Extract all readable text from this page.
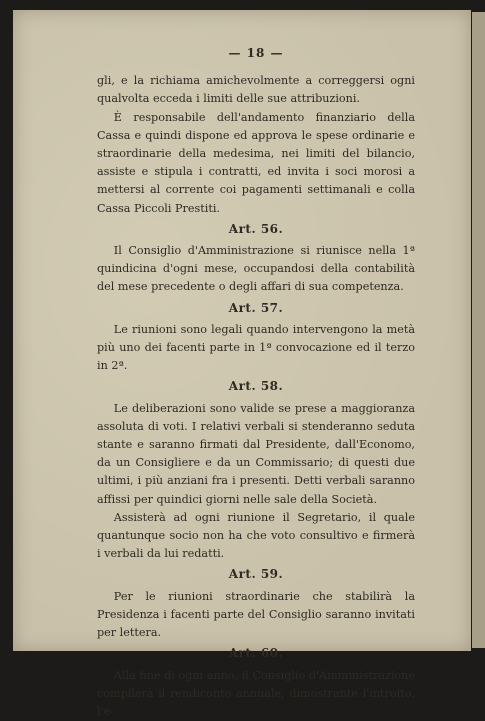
— 18 —

gli, e la richiama amichevolmente a correggersi ogni qualvolta ecceda i limiti delle sue attribuzioni.

È responsabile dell'andamento finanziario della Cassa e quindi dispone ed approva le spese ordinarie e straordinarie della medesima, nei limiti del bilancio, assiste e stipula i contratti, ed invita i soci morosi a mettersi al corrente coi pagamenti settimanali e colla Cassa Piccoli Prestiti.

Art. 56.

Il Consiglio d'Amministrazione si riunisce nella 1ª quindicina d'ogni mese, occupandosi della contabilità del mese precedente o degli affari di sua competenza.

Art. 57.

Le riunioni sono legali quando intervengono la metà più uno dei facenti parte in 1ª convocazione ed il terzo in 2ª.

Art. 58.

Le deliberazioni sono valide se prese a maggioranza assoluta di voti. I relativi verbali si stenderanno seduta stante e saranno firmati dal Presidente, dall'Economo, da un Consigliere e da un Commissario; di questi due ultimi, i più anziani fra i presenti. Detti verbali saranno affissi per quindici giorni nelle sale della Società.

Assisterà ad ogni riunione il Segretario, il quale quantunque socio non ha che voto consultivo e firmerà i verbali da lui redatti.

Art. 59.

Per le riunioni straordinarie che stabilirà la Presidenza i facenti parte del Consiglio saranno invitati per lettera.

Art. 60.

Alla fine di ogni anno, il Consiglio d'Amministrazione compilerà il rendiconto annuale, dimostrante l'introito, l'e-
